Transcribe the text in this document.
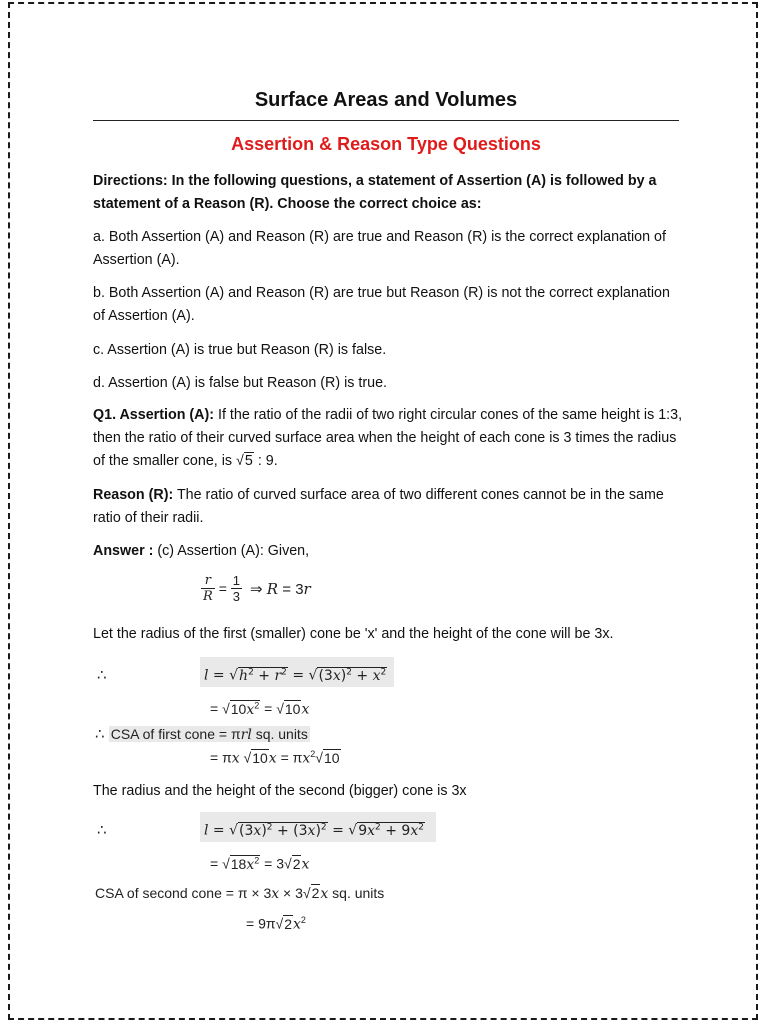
Surface Areas and Volumes
Assertion & Reason Type Questions
Directions: In the following questions, a statement of Assertion (A) is followed by a statement of a Reason (R). Choose the correct choice as:
a. Both Assertion (A) and Reason (R) are true and Reason (R) is the correct explanation of Assertion (A).
b. Both Assertion (A) and Reason (R) are true but Reason (R) is not the correct explanation of Assertion (A).
c. Assertion (A) is true but Reason (R) is false.
d. Assertion (A) is false but Reason (R) is true.
Q1. Assertion (A): If the ratio of the radii of two right circular cones of the same height is 1:3, then the ratio of their curved surface area when the height of each cone is 3 times the radius of the smaller cone, is √5 : 9.
Reason (R): The ratio of curved surface area of two different cones cannot be in the same ratio of their radii.
Answer : (c) Assertion (A): Given,
$\frac{r}{R} = \frac{1}{3}$ ⇒ R = 3r
Let the radius of the first (smaller) cone be 'x' and the height of the cone will be 3x.
∴	$l = √h^2 + r^2 = √(3x)^2 + x^2$
= $√10x^2 = √10x$
∴ CSA of first cone = πrl sq. units
= πx $√10x = \pi x^2√10$
The radius and the height of the second (bigger) cone is 3x
∴	$l = √(3x)^2 + (3x)^2 = √9x^2 + 9x^2$
= $√18x^2 = 3√2x$
CSA of second cone = π × 3x × 3√2x sq. units
= $9\pi√2x^2$
